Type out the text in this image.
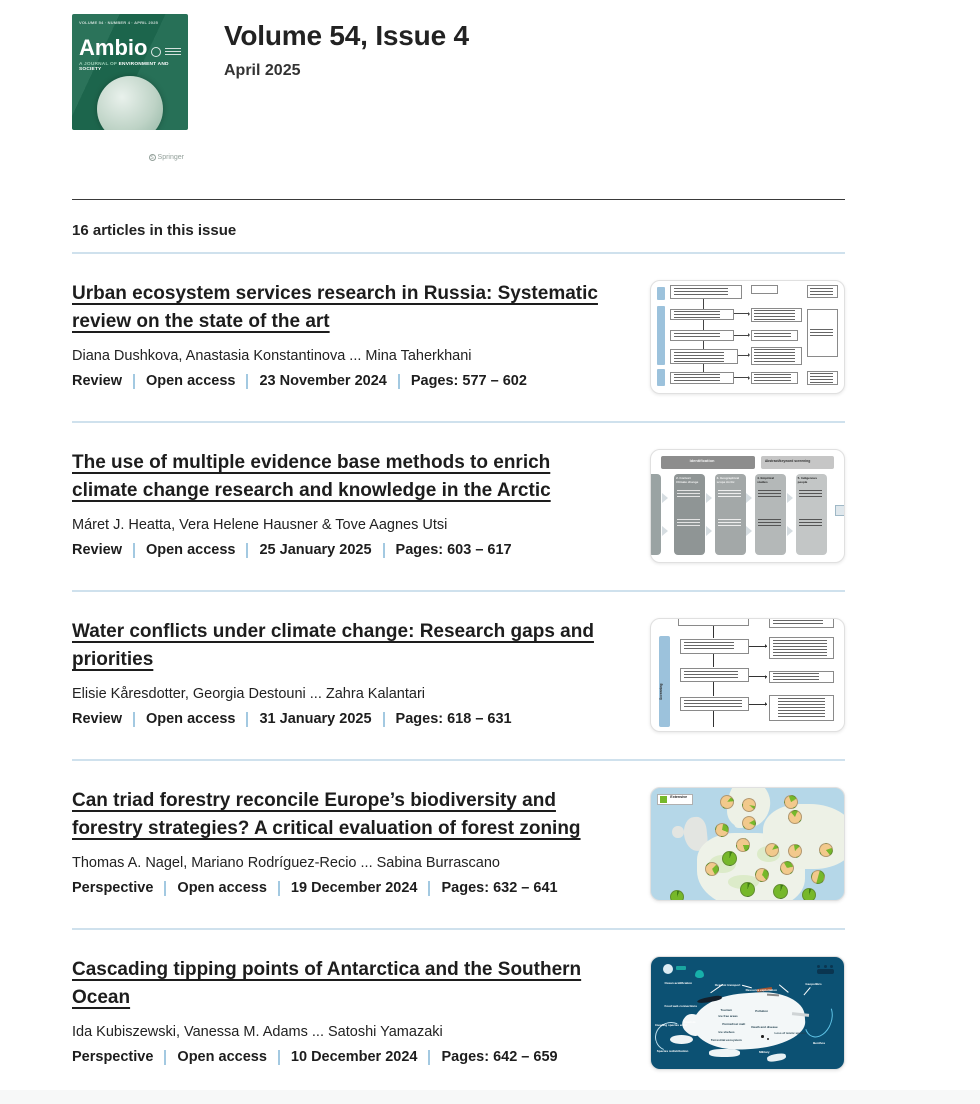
VOLUME 54 · NUMBER 4 · APRIL 2025
Ambio
A JOURNAL OF ENVIRONMENT AND SOCIETY
S Springer
Volume 54, Issue 4
April 2025
16 articles in this issue
Urban ecosystem services research in Russia: Systematic review on the state of the art
Diana Dushkova, Anastasia Konstantinova ... Mina Taherkhani
Review Open access 23 November 2024 Pages: 577 – 602
The use of multiple evidence base methods to enrich climate change research and knowledge in the Arctic
Máret J. Heatta, Vera Helene Hausner & Tove Aagnes Utsi
Review Open access 25 January 2025 Pages: 603 – 617
Identification	Abstract/keyword screening
2. Context
Climate change
3. Geographical
scope Arctic
4. Empirical
studies
5. Indigenous
people
Water conflicts under climate change: Research gaps and priorities
Elisie Kåresdotter, Georgia Destouni ... Zahra Kalantari
Review Open access 31 January 2025 Pages: 618 – 631
Screening
Can triad forestry reconcile Europe’s biodiversity and forestry strategies? A critical evaluation of forest zoning
Thomas A. Nagel, Mariano Rodríguez-Recio ... Sabina Burrascano
Perspective Open access 19 December 2024 Pages: 632 – 641
Extensive
Cascading tipping points of Antarctica and the Southern Ocean
Ida Kubiszewski, Vanessa M. Adams ... Satoshi Yamazaki
Perspective Open access 10 December 2024 Pages: 642 – 659
Ocean acidification
Oceanic transport
Resource exploitation
Geopolitics
Food web connections
Invading species enter
Tourism
Species redistribution	Military
Benthos
Tourism
Ice free areas
Permafrost melt
Ice shelves
Terrestrial ecosystem
Pollution
Death and disease
Loss of iconic species
